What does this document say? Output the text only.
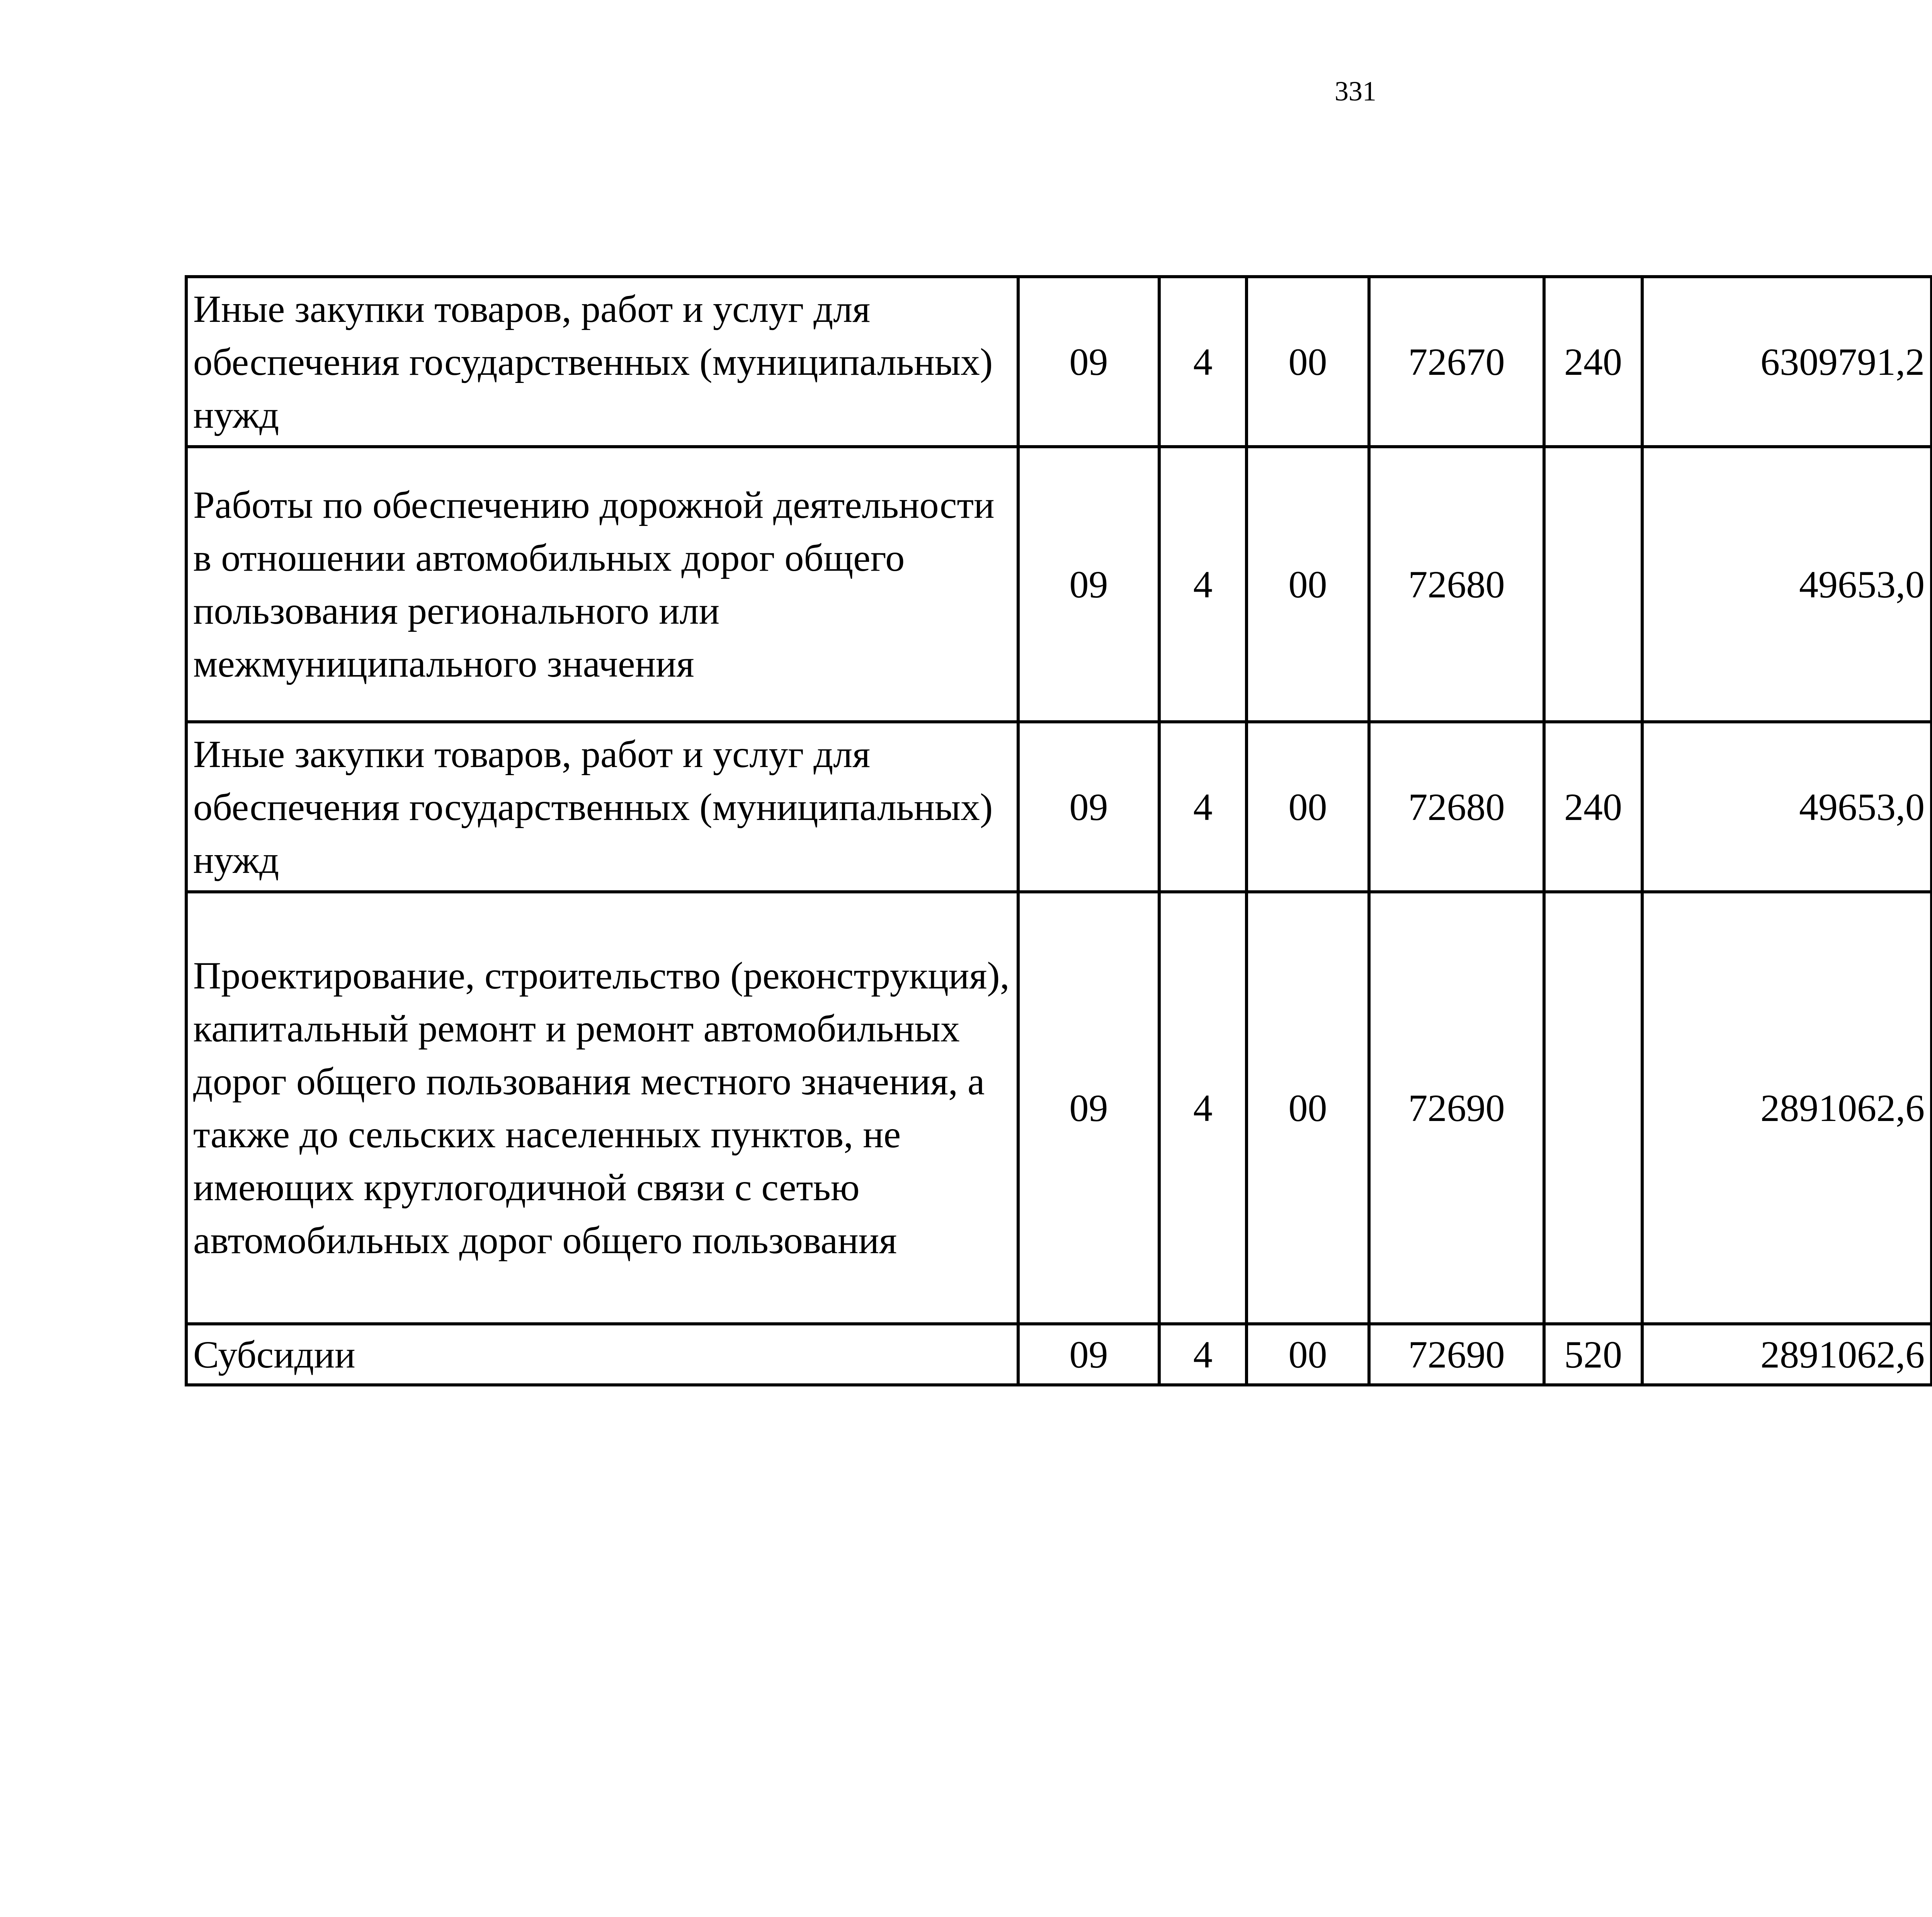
331
Иные закупки товаров, работ и услуг для обеспечения государственных (муниципальных) нужд	09	4	00	72670	240	6309791,2		
Работы по обеспечению дорожной деятельности в отношении автомобильных дорог общего пользования регионального или межмуниципального значения	09	4	00	72680		49653,0		
Иные закупки товаров, работ и услуг для обеспечения государственных (муниципальных) нужд	09	4	00	72680	240	49653,0		
Проектирование, строительство (реконструкция), капитальный ремонт и ремонт автомобильных дорог общего пользования местного значения, а также до сельских населенных пунктов, не имеющих круглогодичной связи с сетью автомобильных дорог общего пользования	09	4	00	72690		2891062,6		
Субсидии	09	4	00	72690	520	2891062,6		
